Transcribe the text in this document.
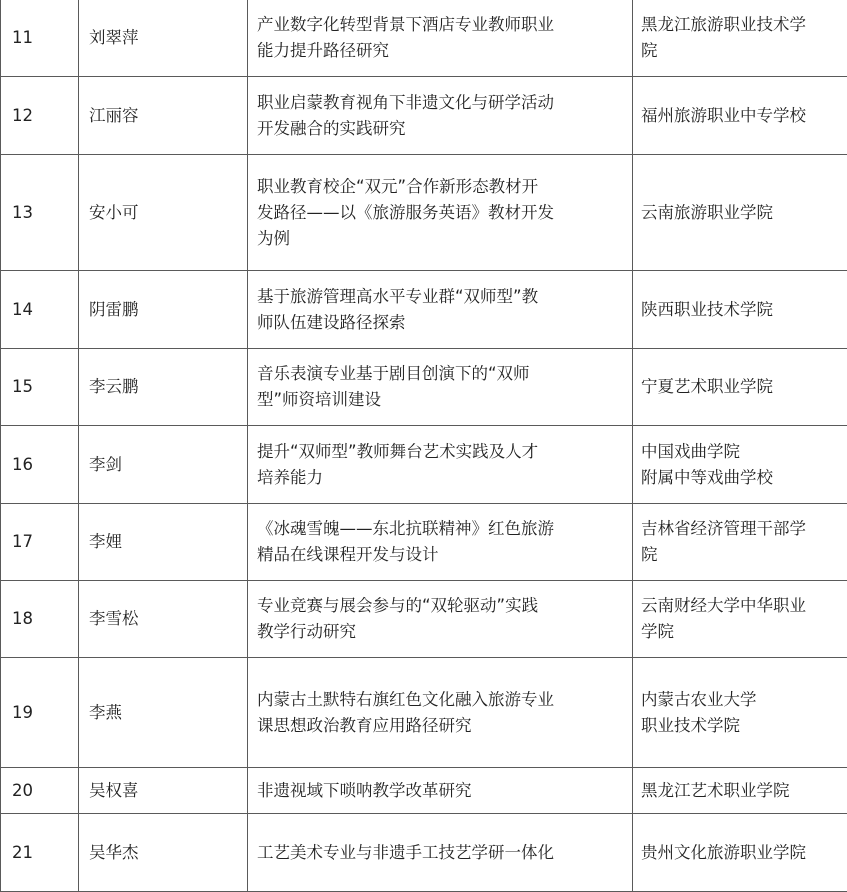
11	刘翠萍	产业数字化转型背景下酒店专业教师职业
能力提升路径研究	黑龙江旅游职业技术学
院

12	江丽容	职业启蒙教育视角下非遗文化与研学活动
开发融合的实践研究	福州旅游职业中专学校

13	安小可	职业教育校企“双元”合作新形态教材开
发路径——以《旅游服务英语》教材开发
为例	云南旅游职业学院

14	阴雷鹏	基于旅游管理高水平专业群“双师型”教
师队伍建设路径探索	陕西职业技术学院

15	李云鹏	音乐表演专业基于剧目创演下的“双师
型”师资培训建设	宁夏艺术职业学院

16	李剑	提升“双师型”教师舞台艺术实践及人才
培养能力	中国戏曲学院
附属中等戏曲学校

17	李娌	《冰魂雪魄——东北抗联精神》红色旅游
精品在线课程开发与设计	吉林省经济管理干部学
院

18	李雪松	专业竞赛与展会参与的“双轮驱动”实践
教学行动研究	云南财经大学中华职业
学院

19	李燕	内蒙古土默特右旗红色文化融入旅游专业
课思想政治教育应用路径研究	内蒙古农业大学
职业技术学院

20	吴权喜	非遗视域下唢呐教学改革研究	黑龙江艺术职业学院

21	吴华杰	工艺美术专业与非遗手工技艺学研一体化	贵州文化旅游职业学院
